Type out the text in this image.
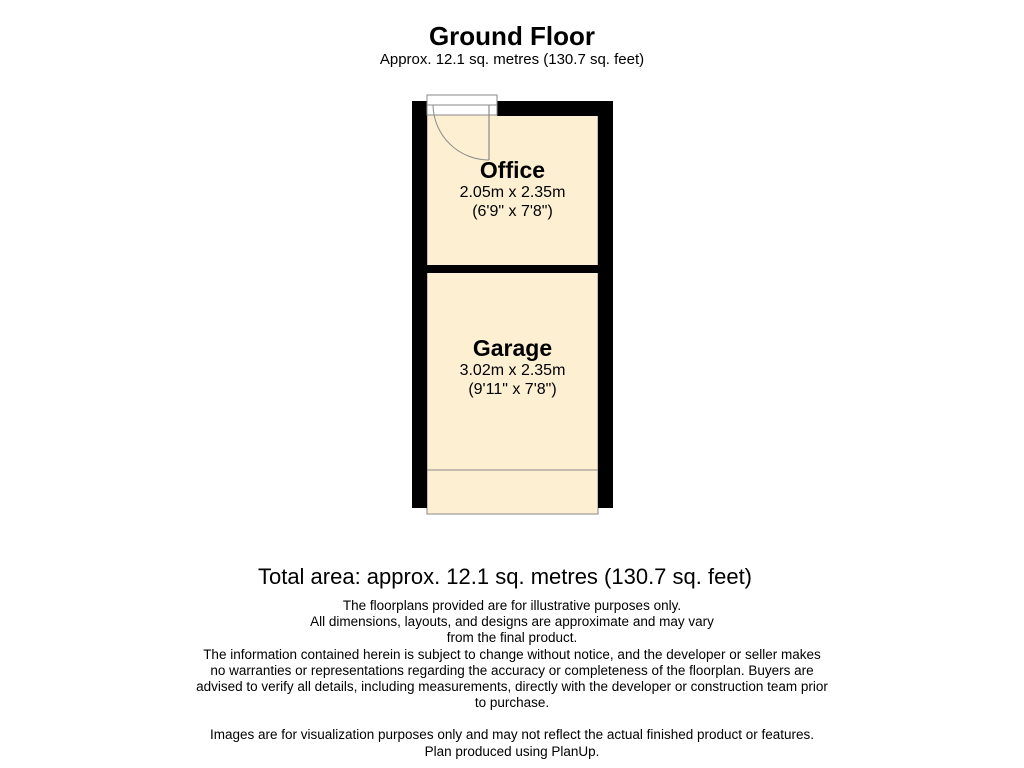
Ground Floor
Approx. 12.1 sq. metres (130.7 sq. feet)
Office
2.05m x 2.35m
(6'9" x 7'8")
Garage
3.02m x 2.35m
(9'11" x 7'8")
Total area: approx. 12.1 sq. metres (130.7 sq. feet)
The floorplans provided are for illustrative purposes only.
All dimensions, layouts, and designs are approximate and may vary
from the final product.
The information contained herein is subject to change without notice, and the developer or seller makes
no warranties or representations regarding the accuracy or completeness of the floorplan. Buyers are
advised to verify all details, including measurements, directly with the developer or construction team prior
to purchase.
Images are for visualization purposes only and may not reflect the actual finished product or features.
Plan produced using PlanUp.
